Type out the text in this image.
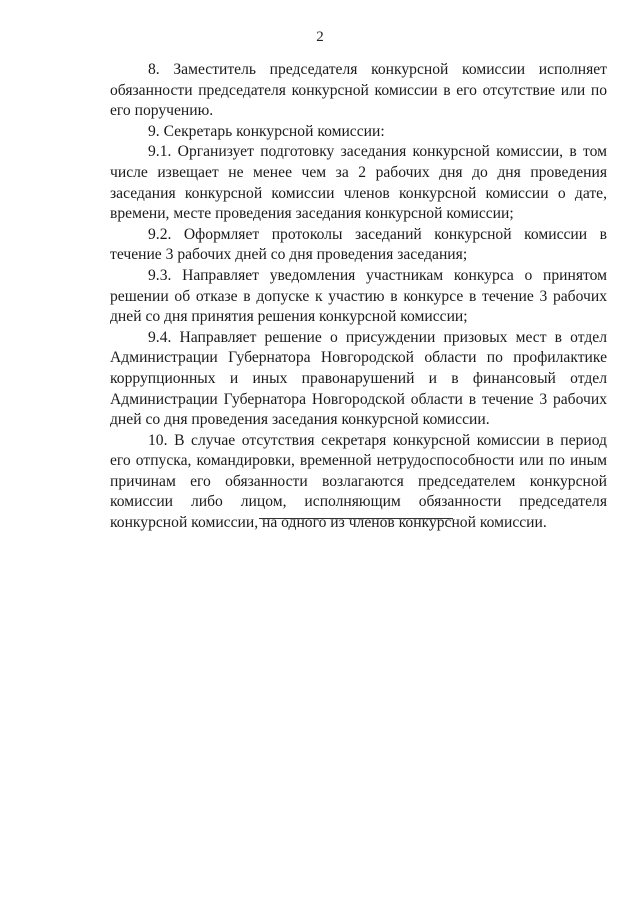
2

8. Заместитель председателя конкурсной комиссии исполняет обязанности председателя конкурсной комиссии в его отсутствие или по его поручению.

9. Секретарь конкурсной комиссии:

9.1. Организует подготовку заседания конкурсной комиссии, в том числе извещает не менее чем за 2 рабочих дня до дня проведения заседания конкурсной комиссии членов конкурсной комиссии о дате, времени, месте проведения заседания конкурсной комиссии;

9.2. Оформляет протоколы заседаний конкурсной комиссии в течение 3 рабочих дней со дня проведения заседания;

9.3. Направляет уведомления участникам конкурса о принятом решении об отказе в допуске к участию в конкурсе в течение 3 рабочих дней со дня принятия решения конкурсной комиссии;

9.4. Направляет решение о присуждении призовых мест в отдел Администрации Губернатора Новгородской области по профилактике коррупционных и иных правонарушений и в финансовый отдел Администрации Губернатора Новгородской области в течение 3 рабочих дней со дня проведения заседания конкурсной комиссии.

10. В случае отсутствия секретаря конкурсной комиссии в период его отпуска, командировки, временной нетрудоспособности или по иным причинам его обязанности возлагаются председателем конкурсной комиссии либо лицом, исполняющим обязанности председателя конкурсной комиссии, на одного из членов конкурсной комиссии.
